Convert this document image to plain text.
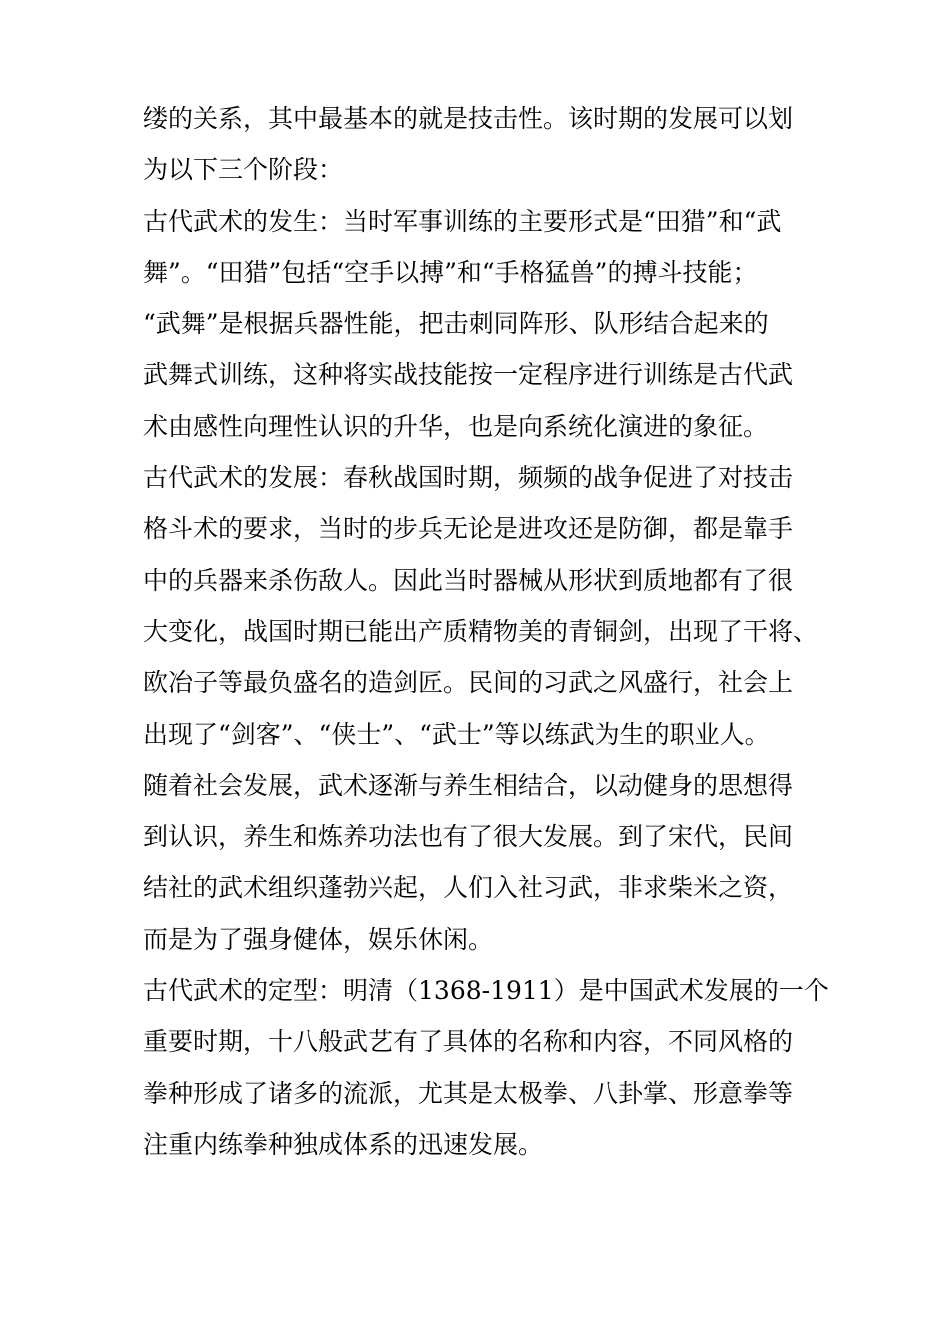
缕的关系，其中最基本的就是技击性。该时期的发展可以划
为以下三个阶段：
古代武术的发生：当时军事训练的主要形式是“田猎”和“武
舞”。“田猎”包括“空手以搏”和“手格猛兽”的搏斗技能；
“武舞”是根据兵器性能，把击刺同阵形、队形结合起来的
武舞式训练，这种将实战技能按一定程序进行训练是古代武
术由感性向理性认识的升华，也是向系统化演进的象征。
古代武术的发展：春秋战国时期，频频的战争促进了对技击
格斗术的要求，当时的步兵无论是进攻还是防御，都是靠手
中的兵器来杀伤敌人。因此当时器械从形状到质地都有了很
大变化，战国时期已能出产质精物美的青铜剑，出现了干将、
欧冶子等最负盛名的造剑匠。民间的习武之风盛行，社会上
出现了“剑客”、“侠士”、“武士”等以练武为生的职业人。
随着社会发展，武术逐渐与养生相结合，以动健身的思想得
到认识，养生和炼养功法也有了很大发展。到了宋代，民间
结社的武术组织蓬勃兴起，人们入社习武，非求柴米之资，
而是为了强身健体，娱乐休闲。
古代武术的定型：明清（1368-1911）是中国武术发展的一个
重要时期，十八般武艺有了具体的名称和内容，不同风格的
拳种形成了诸多的流派，尤其是太极拳、八卦掌、形意拳等
注重内练拳种独成体系的迅速发展。
